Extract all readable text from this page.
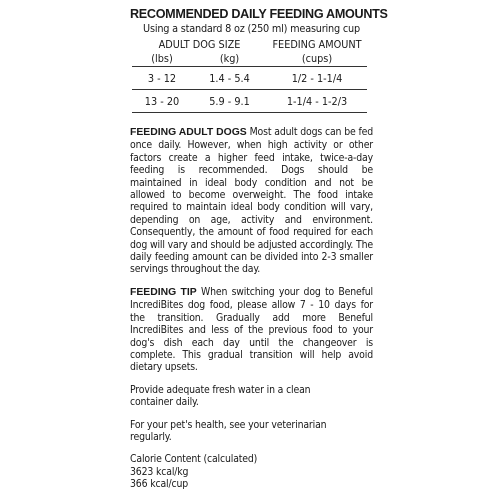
RECOMMENDED DAILY FEEDING AMOUNTS

Using a standard 8 oz (250 ml) measuring cup

ADULT DOG SIZE		FEEDING AMOUNT
(lbs)	(kg)	(cups)
3 - 12	1.4 - 5.4	1/2 - 1-1/4
13 - 20	5.9 - 9.1	1-1/4 - 1-2/3

FEEDING ADULT DOGS Most adult dogs can be fed once daily. However, when high activity or other factors create a higher feed intake, twice-a-day feeding is recommended. Dogs should be maintained in ideal body condition and not be allowed to become overweight. The food intake required to maintain ideal body condition will vary, depending on age, activity and environment. Consequently, the amount of food required for each dog will vary and should be adjusted accordingly. The daily feeding amount can be divided into 2-3 smaller servings throughout the day.

FEEDING TIP When switching your dog to Beneful IncrediBites dog food, please allow 7 - 10 days for the transition. Gradually add more Beneful IncrediBites and less of the previous food to your dog's dish each day until the changeover is complete. This gradual transition will help avoid dietary upsets.

Provide adequate fresh water in a clean container daily.

For your pet's health, see your veterinarian regularly.

Calorie Content (calculated)
3623 kcal/kg
366 kcal/cup
